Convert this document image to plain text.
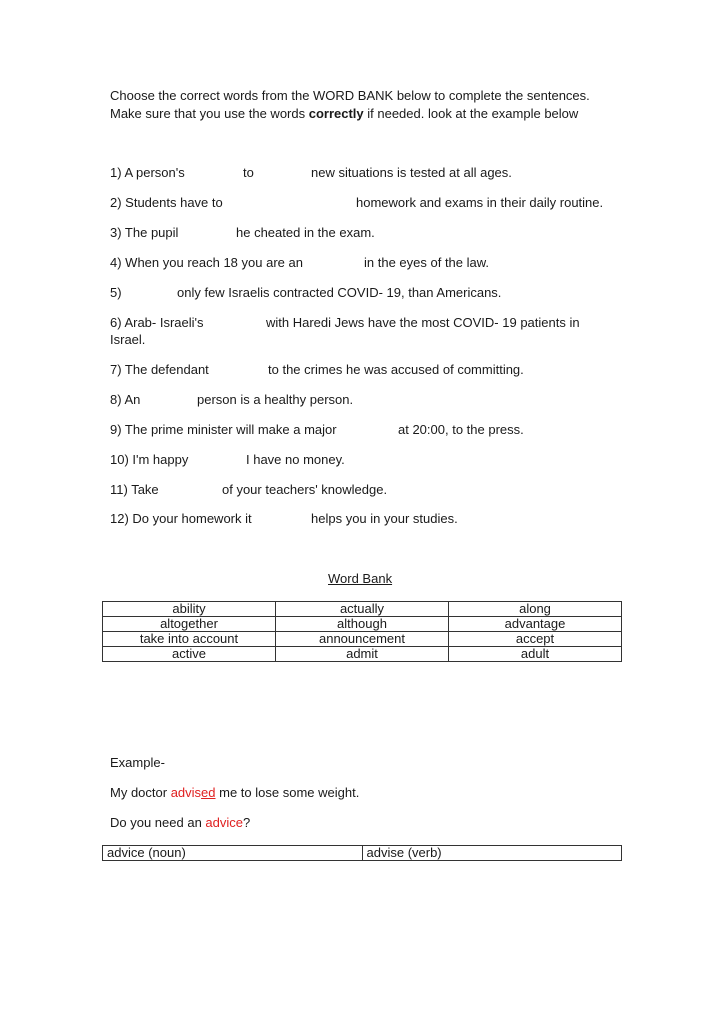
Choose the correct words from the WORD BANK below to complete the sentences.
Make sure that you use the words correctly if needed. look at the example below
1) A person's	to	new situations is tested at all ages.
2) Students have to	homework and exams in their daily routine.
3) The pupil	he cheated in the exam.
4) When you reach 18 you are an	in the eyes of the law.
5)	only few Israelis contracted COVID- 19, than Americans.
6) Arab- Israeli's	with Haredi Jews have the most COVID- 19 patients in
Israel.
7) The defendant	to the crimes he was accused of committing.
8) An	person is a healthy person.
9) The prime minister will make a major	at 20:00, to the press.
10) I'm happy	I have no money.
11) Take	of your teachers' knowledge.
12) Do your homework it	helps you in your studies.
Word Bank
ability	actually	along
altogether	although	advantage
take into account	announcement	accept
active	admit	adult
Example-
My doctor advised me to lose some weight.
Do you need an advice?
advice (noun)	advise (verb)
